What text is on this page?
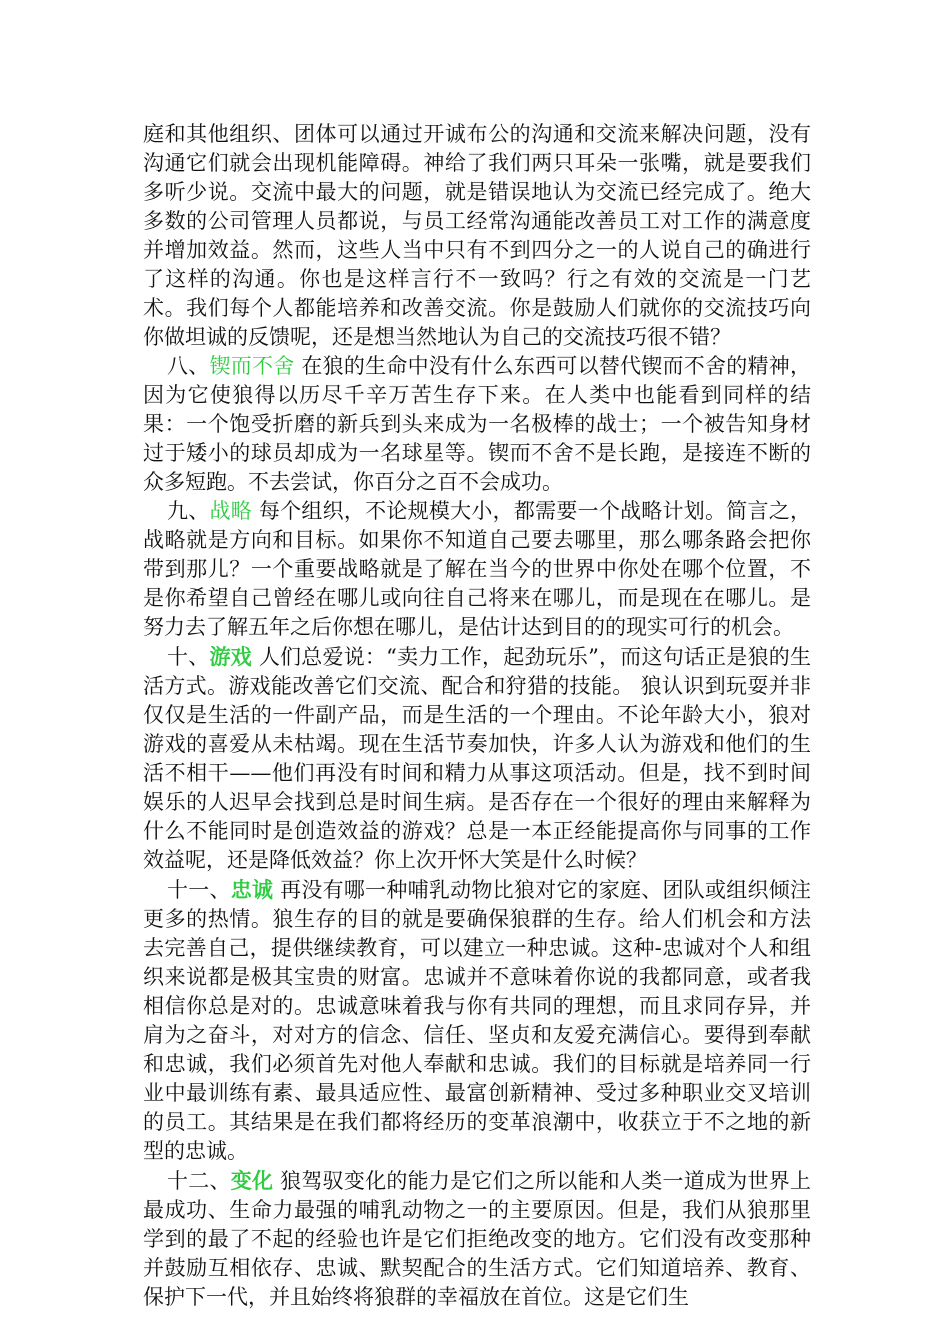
庭和其他组织、团体可以通过开诚布公的沟通和交流来解决问题，没有沟通它们就会出现机能障碍。神给了我们两只耳朵一张嘴，就是要我们多听少说。交流中最大的问题，就是错误地认为交流已经完成了。绝大多数的公司管理人员都说，与员工经常沟通能改善员工对工作的满意度并增加效益。然而，这些人当中只有不到四分之一的人说自己的确进行了这样的沟通。你也是这样言行不一致吗？行之有效的交流是一门艺术。我们每个人都能培养和改善交流。你是鼓励人们就你的交流技巧向你做坦诚的反馈呢，还是想当然地认为自己的交流技巧很不错？

八、锲而不舍 在狼的生命中没有什么东西可以替代锲而不舍的精神，因为它使狼得以历尽千辛万苦生存下来。在人类中也能看到同样的结果：一个饱受折磨的新兵到头来成为一名极棒的战士；一个被告知身材过于矮小的球员却成为一名球星等。锲而不舍不是长跑，是接连不断的众多短跑。不去尝试，你百分之百不会成功。

九、战略 每个组织，不论规模大小，都需要一个战略计划。简言之，战略就是方向和目标。如果你不知道自己要去哪里，那么哪条路会把你带到那儿？一个重要战略就是了解在当今的世界中你处在哪个位置，不是你希望自己曾经在哪儿或向往自己将来在哪儿，而是现在在哪儿。是努力去了解五年之后你想在哪儿，是估计达到目的的现实可行的机会。

十、游戏 人们总爱说：“卖力工作，起劲玩乐”，而这句话正是狼的生活方式。游戏能改善它们交流、配合和狩猎的技能。 狼认识到玩耍并非仅仅是生活的一件副产品，而是生活的一个理由。不论年龄大小，狼对游戏的喜爱从未枯竭。现在生活节奏加快，许多人认为游戏和他们的生活不相干——他们再没有时间和精力从事这项活动。但是，找不到时间娱乐的人迟早会找到总是时间生病。是否存在一个很好的理由来解释为什么不能同时是创造效益的游戏？总是一本正经能提高你与同事的工作效益呢，还是降低效益？你上次开怀大笑是什么时候？

十一、忠诚 再没有哪一种哺乳动物比狼对它的家庭、团队或组织倾注更多的热情。狼生存的目的就是要确保狼群的生存。给人们机会和方法去完善自己，提供继续教育，可以建立一种忠诚。这种-忠诚对个人和组织来说都是极其宝贵的财富。忠诚并不意味着你说的我都同意，或者我相信你总是对的。忠诚意味着我与你有共同的理想，而且求同存异，并肩为之奋斗，对对方的信念、信任、坚贞和友爱充满信心。要得到奉献和忠诚，我们必须首先对他人奉献和忠诚。我们的目标就是培养同一行业中最训练有素、最具适应性、最富创新精神、受过多种职业交叉培训的员工。其结果是在我们都将经历的变革浪潮中，收获立于不之地的新型的忠诚。

十二、变化 狼驾驭变化的能力是它们之所以能和人类一道成为世界上最成功、生命力最强的哺乳动物之一的主要原因。但是，我们从狼那里学到的最了不起的经验也许是它们拒绝改变的地方。它们没有改变那种并鼓励互相依存、忠诚、默契配合的生活方式。它们知道培养、教育、保护下一代，并且始终将狼群的幸福放在首位。这是它们生
